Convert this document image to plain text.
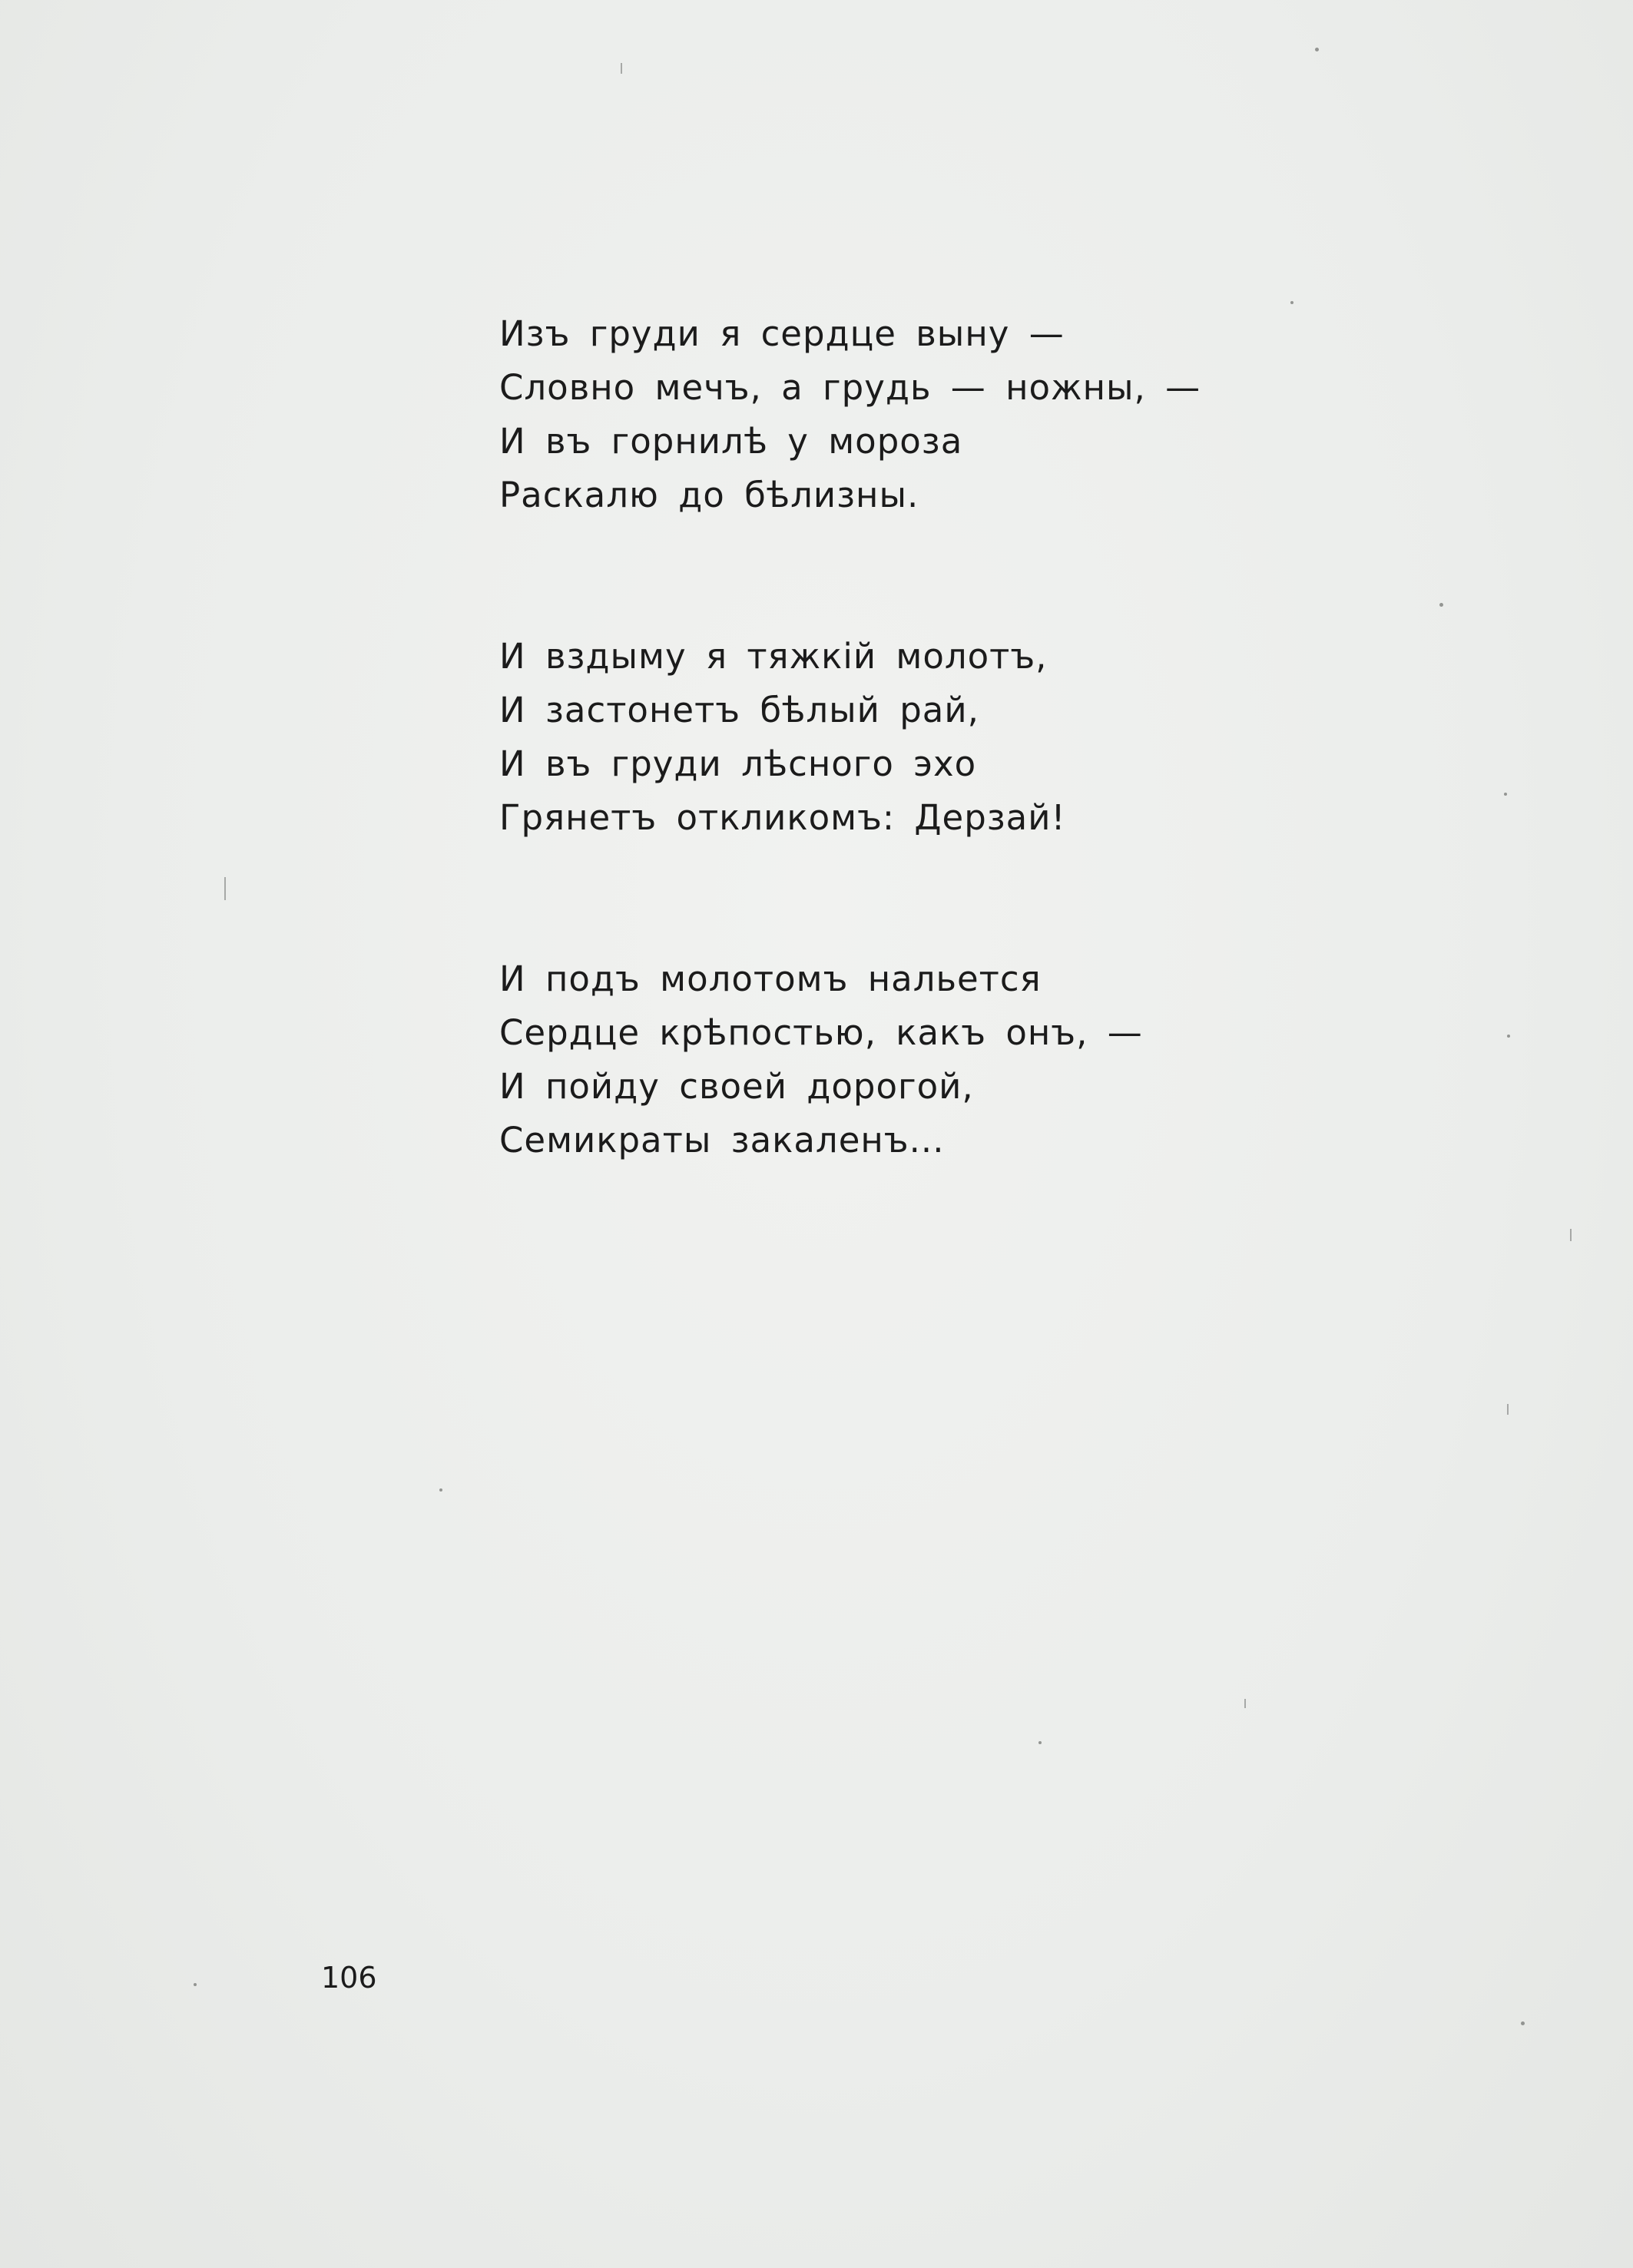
Изъ груди я сердце выну —
Словно мечъ, а грудь — ножны, —
И въ горнилѣ у мороза
Раскалю до бѣлизны.
И вздыму я тяжкій молотъ,
И застонетъ бѣлый рай,
И въ груди лѣсного эхо
Грянетъ откликомъ: Дерзай!
И подъ молотомъ нальется
Сердце крѣпостью, какъ онъ, —
И пойду своей дорогой,
Семикраты закаленъ...
106
